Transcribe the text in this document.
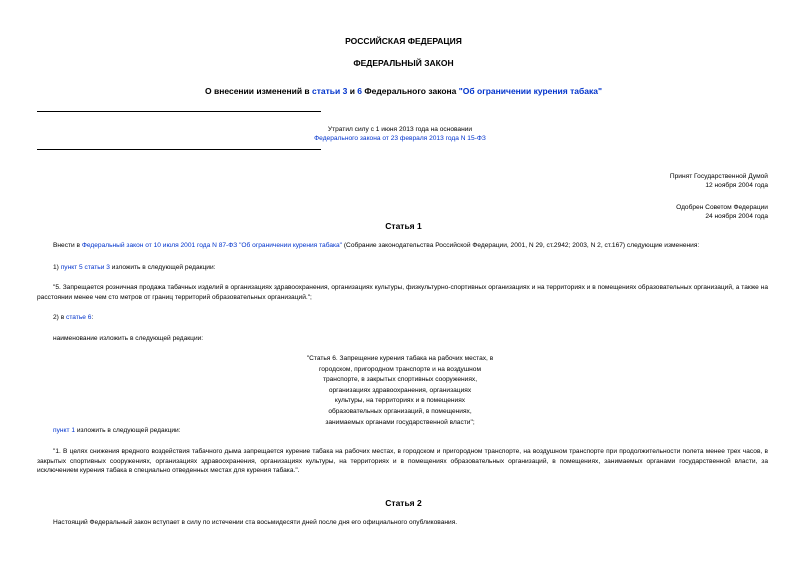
РОССИЙСКАЯ ФЕДЕРАЦИЯ
ФЕДЕРАЛЬНЫЙ ЗАКОН
О внесении изменений в статьи 3 и 6 Федерального закона "Об ограничении курения табака"
Утратил силу с 1 июня 2013 года на основании
Федерального закона от 23 февраля 2013 года N 15-ФЗ
Принят Государственной Думой
12 ноября 2004 года
Одобрен Советом Федерации
24 ноября 2004 года
Статья 1
Внести в Федеральный закон от 10 июля 2001 года N 87-ФЗ "Об ограничении курения табака" (Собрание законодательства Российской Федерации, 2001, N 29, ст.2942; 2003, N 2, ст.167) следующие изменения:
1) пункт 5 статьи 3 изложить в следующей редакции:
"5. Запрещается розничная продажа табачных изделий в организациях здравоохранения, организациях культуры, физкультурно-спортивных организациях и на территориях и в помещениях образовательных организаций, а также на расстоянии менее чем сто метров от границ территорий образовательных организаций.";
2) в статье 6:
наименование изложить в следующей редакции:
"Статья 6. Запрещение курения табака на рабочих местах, в
городском, пригородном транспорте и на воздушном
транспорте, в закрытых спортивных сооружениях,
организациях здравоохранения, организациях
культуры, на территориях и в помещениях
образовательных организаций, в помещениях,
занимаемых органами государственной власти";
пункт 1 изложить в следующей редакции:
"1. В целях снижения вредного воздействия табачного дыма запрещается курение табака на рабочих местах, в городском и пригородном транспорте, на воздушном транспорте при продолжительности полета менее трех часов, в закрытых спортивных сооружениях, организациях здравоохранения, организациях культуры, на территориях и в помещениях образовательных организаций, в помещениях, занимаемых органами государственной власти, за исключением курения табака в специально отведенных местах для курения табака.".
Статья 2
Настоящий Федеральный закон вступает в силу по истечении ста восьмидесяти дней после дня его официального опубликования.
